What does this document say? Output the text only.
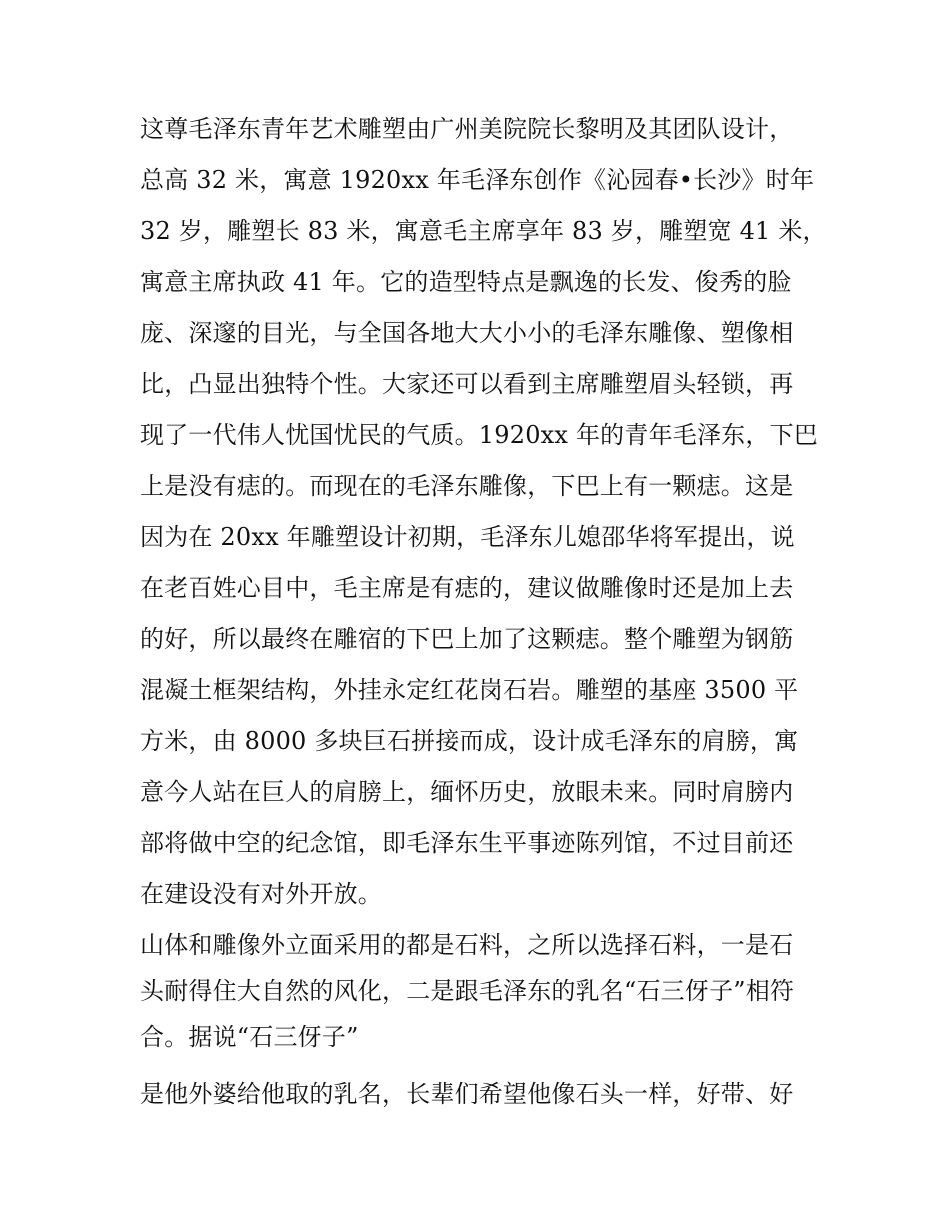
这尊毛泽东青年艺术雕塑由广州美院院长黎明及其团队设计，
总高 32 米，寓意 1920xx 年毛泽东创作《沁园春•长沙》时年
32 岁，雕塑长 83 米，寓意毛主席享年 83 岁，雕塑宽 41 米，
寓意主席执政 41 年。它的造型特点是飘逸的长发、俊秀的脸
庞、深邃的目光，与全国各地大大小小的毛泽东雕像、塑像相
比，凸显出独特个性。大家还可以看到主席雕塑眉头轻锁，再
现了一代伟人忧国忧民的气质。1920xx 年的青年毛泽东，下巴
上是没有痣的。而现在的毛泽东雕像，下巴上有一颗痣。这是
因为在 20xx 年雕塑设计初期，毛泽东儿媳邵华将军提出，说
在老百姓心目中，毛主席是有痣的，建议做雕像时还是加上去
的好，所以最终在雕宿的下巴上加了这颗痣。整个雕塑为钢筋
混凝土框架结构，外挂永定红花岗石岩。雕塑的基座 3500 平
方米，由 8000 多块巨石拼接而成，设计成毛泽东的肩膀，寓
意今人站在巨人的肩膀上，缅怀历史，放眼未来。同时肩膀内
部将做中空的纪念馆，即毛泽东生平事迹陈列馆，不过目前还
在建设没有对外开放。
山体和雕像外立面采用的都是石料，之所以选择石料，一是石
头耐得住大自然的风化，二是跟毛泽东的乳名“石三伢子”相符
合。据说“石三伢子”
是他外婆给他取的乳名，长辈们希望他像石头一样，好带、好
